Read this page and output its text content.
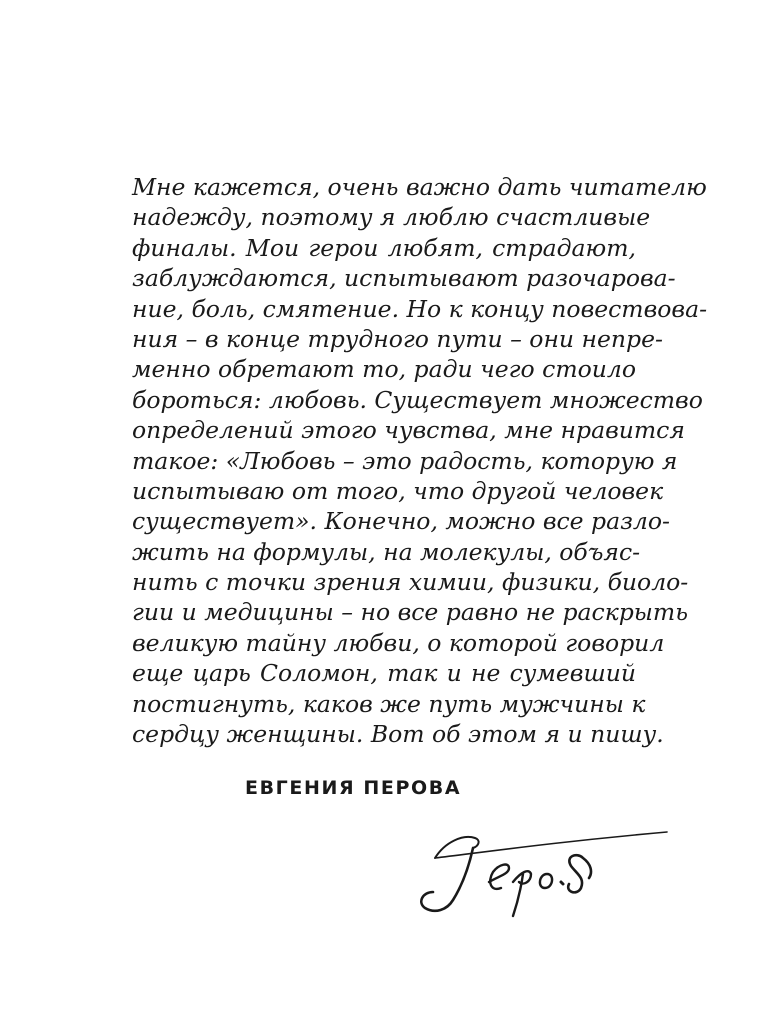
Мне кажется, очень важно дать читателю
надежду, поэтому я люблю счастливые
финалы. Мои герои любят, страдают,
заблуждаются, испытывают разочарова-
ние, боль, смятение. Но к концу повествова-
ния – в конце трудного пути – они непре-
менно обретают то, ради чего стоило
бороться: любовь. Существует множество
определений этого чувства, мне нравится
такое: «Любовь – это радость, которую я
испытываю от того, что другой человек
существует». Конечно, можно все разло-
жить на формулы, на молекулы, объяс-
нить с точки зрения химии, физики, биоло-
гии и медицины – но все равно не раскрыть
великую тайну любви, о которой говорил
еще царь Соломон, так и не сумевший
постигнуть, каков же путь мужчины к
сердцу женщины. Вот об этом я и пишу.

ЕВГЕНИЯ ПЕРОВА
